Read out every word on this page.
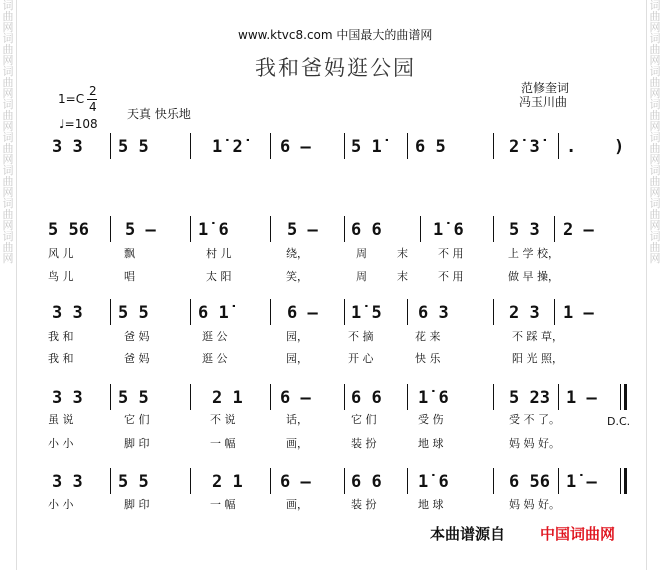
词曲网词曲网词曲网词曲网词曲网词曲网词曲网词曲网
词曲网词曲网词曲网词曲网词曲网词曲网词曲网词曲网
www.ktvc8.com 中国最大的曲谱网
我和爸妈逛公园
范修奎词
冯玉川曲
1=C
2
4	天真 快乐地
♩=108
3 3 5 5	1̇ 2̇ 6 – 5 1̇ 6 5	2̇ 3̇ . )
5 56 5 – 1̇ 6	5 – 6 6	1̇ 6	5 3 2 –
风 儿	飘	村 儿	绕，	周	末	不 用	上 学 校，
鸟 儿	唱	太 阳	笑，	周	末	不 用	做 早 操，
3 3 5 5	6 1̇	6 – 1̇ 5 6 3	2 3 1 –
我 和	爸 妈	逛 公	园，	不 摘	花 来	不 踩 草，
我 和	爸 妈	逛 公	园，	开 心	快 乐	阳 光 照，
3 3 5 5	2 1 6 – 6 6 1̇ 6	5 23 1 –
D.C.
虽 说	它 们	不 说	话，	它 们	受 伤	受 不 了。
小 小	脚 印	一 幅	画，	装 扮	地 球	妈 妈 好。
3 3 5 5	2 1 6 – 6 6 1̇ 6	6 56 1̇ –
小 小	脚 印	一 幅	画，	装 扮	地 球	妈 妈 好。
本曲谱源自 中国词曲网
